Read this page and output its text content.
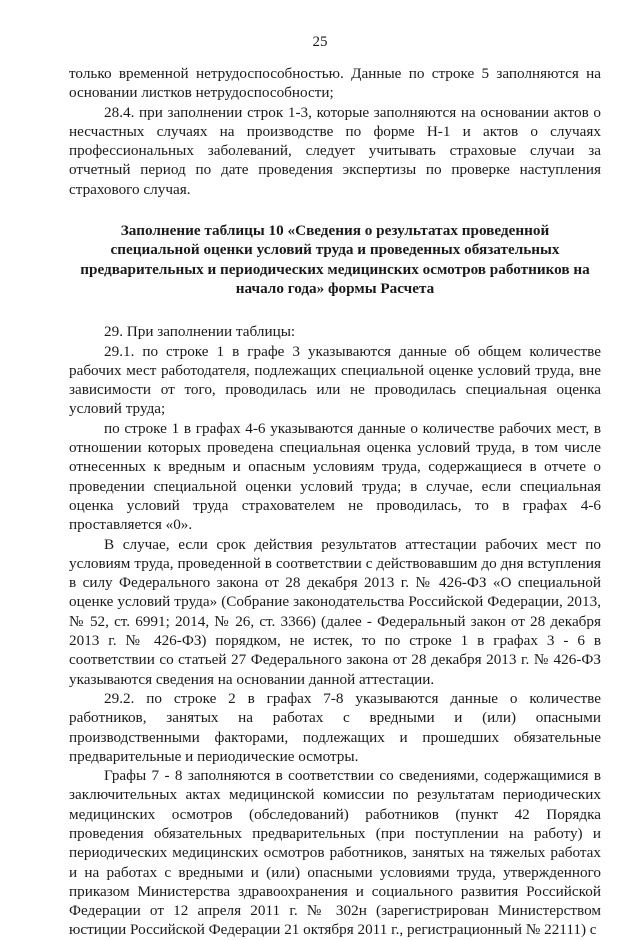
25

только временной нетрудоспособностью. Данные по строке 5 заполняются на основании листков нетрудоспособности;

28.4. при заполнении строк 1-3, которые заполняются на основании актов о несчастных случаях на производстве по форме Н-1 и актов о случаях профессиональных заболеваний, следует учитывать страховые случаи за отчетный период по дате проведения экспертизы по проверке наступления страхового случая.

Заполнение таблицы 10 «Сведения о результатах проведенной специальной оценки условий труда и проведенных обязательных предварительных и периодических медицинских осмотров работников на начало года» формы Расчета

29. При заполнении таблицы:

29.1. по строке 1 в графе 3 указываются данные об общем количестве рабочих мест работодателя, подлежащих специальной оценке условий труда, вне зависимости от того, проводилась или не проводилась специальная оценка условий труда;

по строке 1 в графах 4-6 указываются данные о количестве рабочих мест, в отношении которых проведена специальная оценка условий труда, в том числе отнесенных к вредным и опасным условиям труда, содержащиеся в отчете о проведении специальной оценки условий труда; в случае, если специальная оценка условий труда страхователем не проводилась, то в графах 4-6 проставляется «0».

В случае, если срок действия результатов аттестации рабочих мест по условиям труда, проведенной в соответствии с действовавшим до дня вступления в силу Федерального закона от 28 декабря 2013 г. № 426-ФЗ «О специальной оценке условий труда» (Собрание законодательства Российской Федерации, 2013, № 52, ст. 6991; 2014, № 26, ст. 3366) (далее - Федеральный закон от 28 декабря 2013 г. № 426-ФЗ) порядком, не истек, то по строке 1 в графах 3 - 6 в соответствии со статьей 27 Федерального закона от 28 декабря 2013 г. № 426-ФЗ указываются сведения на основании данной аттестации.

29.2. по строке 2 в графах 7-8 указываются данные о количестве работников, занятых на работах с вредными и (или) опасными производственными факторами, подлежащих и прошедших обязательные предварительные и периодические осмотры.

Графы 7 - 8 заполняются в соответствии со сведениями, содержащимися в заключительных актах медицинской комиссии по результатам периодических медицинских осмотров (обследований) работников (пункт 42 Порядка проведения обязательных предварительных (при поступлении на работу) и периодических медицинских осмотров работников, занятых на тяжелых работах и на работах с вредными и (или) опасными условиями труда, утвержденного приказом Министерства здравоохранения и социального развития Российской Федерации от 12 апреля 2011 г. № 302н (зарегистрирован Министерством юстиции Российской Федерации 21 октября 2011 г., регистрационный № 22111) с
